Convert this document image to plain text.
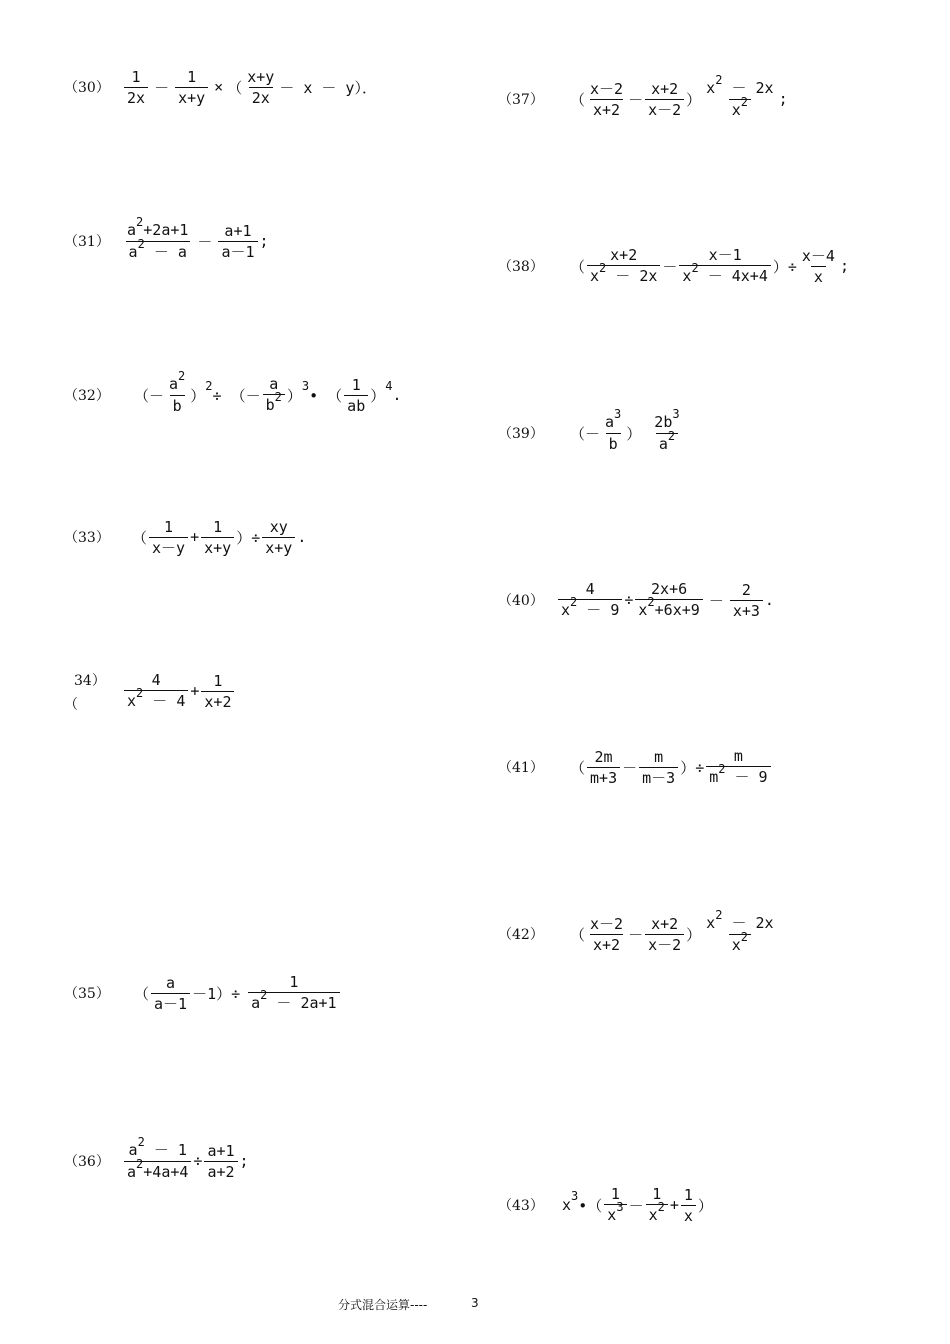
$(30) \frac{1}{2x} - \frac{1}{x+y}$ × （ $\frac{x+y}{2x} - x - y$）．
$(31) \frac{a^2+2a+1}{a^2 - a} - \frac{a+1}{a-1}$ ;
（32） （－ $\frac{a^2}{b}$ ）
2
÷ （－ $\frac{a}{b^2}$ ）
3
• （ $\frac{1}{ab}$ ）
4 .
（33） （ $\frac{1}{x-y} + \frac{1}{x+y}$ ）÷ $\frac{xy}{x+y}$ .
34）
（	$\frac{4}{x^2 - 4} + \frac{1}{x+2}$
（35） （ $\frac{a}{a-1} -1)\div \frac{1}{a^2 - 2a+1}$
$(36) \frac{a^2 - 1}{a^2+4a+4} \div \frac{a+1}{a+2}$ ;
（37） （ $\frac{x-2}{x+2} - \frac{x+2}{x-2}$ ） $\frac{x^2 - 2x}{x^2}$ ;
（38） （ $\frac{x+2}{x^2 - 2x} - \frac{x-1}{x^2 - 4x+4}$ ）÷ $\frac{x-4}{x}$ ;
（39） （－ $\frac{a^3}{b}$ ） $\frac{2b^3}{a^2}$
$(40) \frac{4}{x^2 - 9} \div \frac{2x+6}{x^2+6x+9} - \frac{2}{x+3}$ .
（41） （ $\frac{2m}{m+3} - \frac{m}{m-3}$ ）÷ $\frac{m}{m^2 - 9}$
（42） （ $\frac{x-2}{x+2} - \frac{x+2}{x-2}$ ） $\frac{x^2 - 2x}{x^2}$
（43） x 3
•（ $\frac{1}{x^3} - \frac{1}{x^2} + \frac{1}{x}$ ）
分式混合运算----	3
